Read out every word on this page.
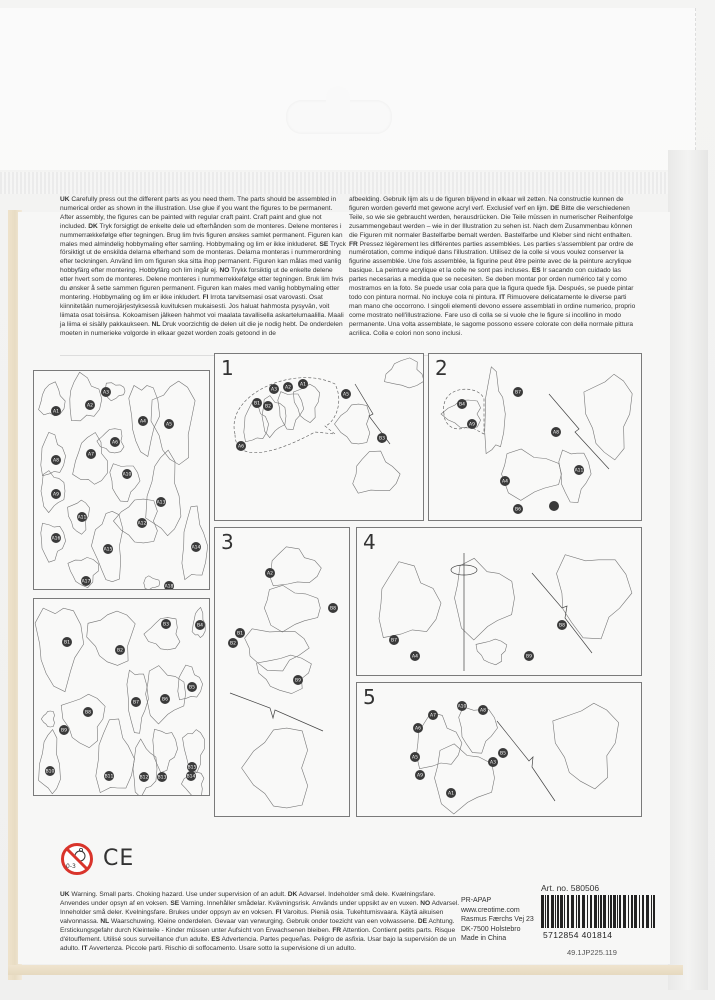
UK Carefully press out the different parts as you need them. The parts should be assembled in numerical order as shown in the illustration. Use glue if you want the figures to be permanent. After assembly, the figures can be painted with regular craft paint. Craft paint and glue not included. DK Tryk forsigtigt de enkelte dele ud efterhånden som de monteres. Delene monteres i nummerrækkefølge efter tegningen. Brug lim hvis figuren ønskes samlet permanent. Figuren kan males med almindelig hobbymaling efter samling. Hobbymaling og lim er ikke inkluderet. SE Tryck försiktigt ut de enskilda delarna efterhand som de monteras. Delarna monteras i nummerordning efter teckningen. Använd lim om figuren ska sitta ihop permanent. Figuren kan målas med vanlig hobbyfärg efter montering. Hobbyfärg och lim ingår ej. NO Trykk forsiktig ut de enkelte delene etter hvert som de monteres. Delene monteres i nummerrekkefølge etter tegningen. Bruk lim hvis du ønsker å sette sammen figuren permanent. Figuren kan males med vanlig hobbymaling etter montering. Hobbymaling og lim er ikke inkludert. FI Irrota tarvitsemasi osat varovasti. Osat kiinnitetään numerojärjestyksessä kuvituksen mukaisesti. Jos haluat hahmosta pysyvän, voit liimata osat toisiinsa. Kokoamisen jälkeen hahmot voi maalata tavallisella askartelumaalilla. Maali ja liima ei sisälly pakkaukseen. NL Druk voorzichtig de delen uit die je nodig hebt. De onderdelen moeten in numerieke volgorde in elkaar gezet worden zoals getoond in de
afbeelding. Gebruik lijm als u de figuren blijvend in elkaar wil zetten. Na constructie kunnen de figuren worden geverfd met gewone acryl verf. Exclusief verf en lijm. DE Bitte die verschiedenen Teile, so wie sie gebraucht werden, herausdrücken. Die Teile müssen in numerischer Reihenfolge zusammengebaut werden – wie in der Illustration zu sehen ist. Nach dem Zusammenbau können die Figuren mit normaler Bastelfarbe bemalt werden. Bastelfarbe und Kleber sind nicht enthalten. FR Pressez légèrement les différentes parties assemblées. Les parties s'assemblent par ordre de numérotation, comme indiqué dans l'illustration. Utilisez de la colle si vous voulez conserver la figurine assemblée. Une fois assemblée, la figurine peut être peinte avec de la peinture acrylique basique. La peinture acrylique et la colle ne sont pas incluses. ES Ir sacando con cuidado las partes necesarias a medida que se necesiten. Se deben montar por orden numérico tal y como mostramos en la foto. Se puede usar cola para que la figura quede fija. Después, se puede pintar todo con pintura normal. No incluye cola ni pintura. IT Rimuovere delicatamente le diverse parti man mano che occorrono. I singoli elementi devono essere assemblati in ordine numerico, proprio come mostrato nell'illustrazione. Fare uso di colla se si vuole che le figure si incollino in modo permanente. Una volta assemblate, le sagome possono essere colorate con della normale pittura acrilica. Colla e colori non sono inclusi.
A1
A2
A3
A4
A5
A6
A7
A8
A9
A10
A11
A12
A13
A14
A18
A16
A17
A15
B1
B2
B3	B4
B5
B6
B7
B8
B9
B10
B11	B12 B13	B14
B15
1
A1
A2
A3
B1
B2
A5
A6
B3
2
B7
B4
A9
A8
A11
A4
B6
3
A2
B8
B1
B2
B9
4
B7
A4
B8
B9
5	A10
A8
A7
A6
A5
A9
B5
A3
A1
0-3 CE
UK Warning. Small parts. Choking hazard. Use under supervision of an adult. DK Advarsel. Indeholder små dele. Kvælningsfare. Anvendes under opsyn af en voksen. SE Varning. Innehåller smådelar. Kvävningsrisk. Används under uppsikt av en vuxen. NO Advarsel. Inneholder små deler. Kvelningsfare. Brukes under oppsyn av en voksen. FI Varoitus. Pieniä osia. Tukehtumisvaara. Käytä aikuisen valvonnassa. NL Waarschuwing. Kleine onderdelen. Gevaar van verwurging. Gebruik onder toezicht van een volwassene. DE Achtung. Erstickungsgefahr durch Kleinteile - Kinder müssen unter Aufsicht von Erwachsenen bleiben. FR Attention. Contient petits parts. Risque d'étouffement. Utilisé sous surveillance d'un adulte. ES Advertencia. Partes pequeñas. Peligro de asfixia. Usar bajo la supervisión de un adulto. IT Avvertenza. Piccole parti. Rischio di soffocamento. Usare sotto la supervisione di un adulto.
PR-APAP
www.creotime.com
Rasmus Færchs Vej 23
DK-7500 Holstebro
Made in China
Art. no. 580506
5712854 401814
49.1JP225.119
